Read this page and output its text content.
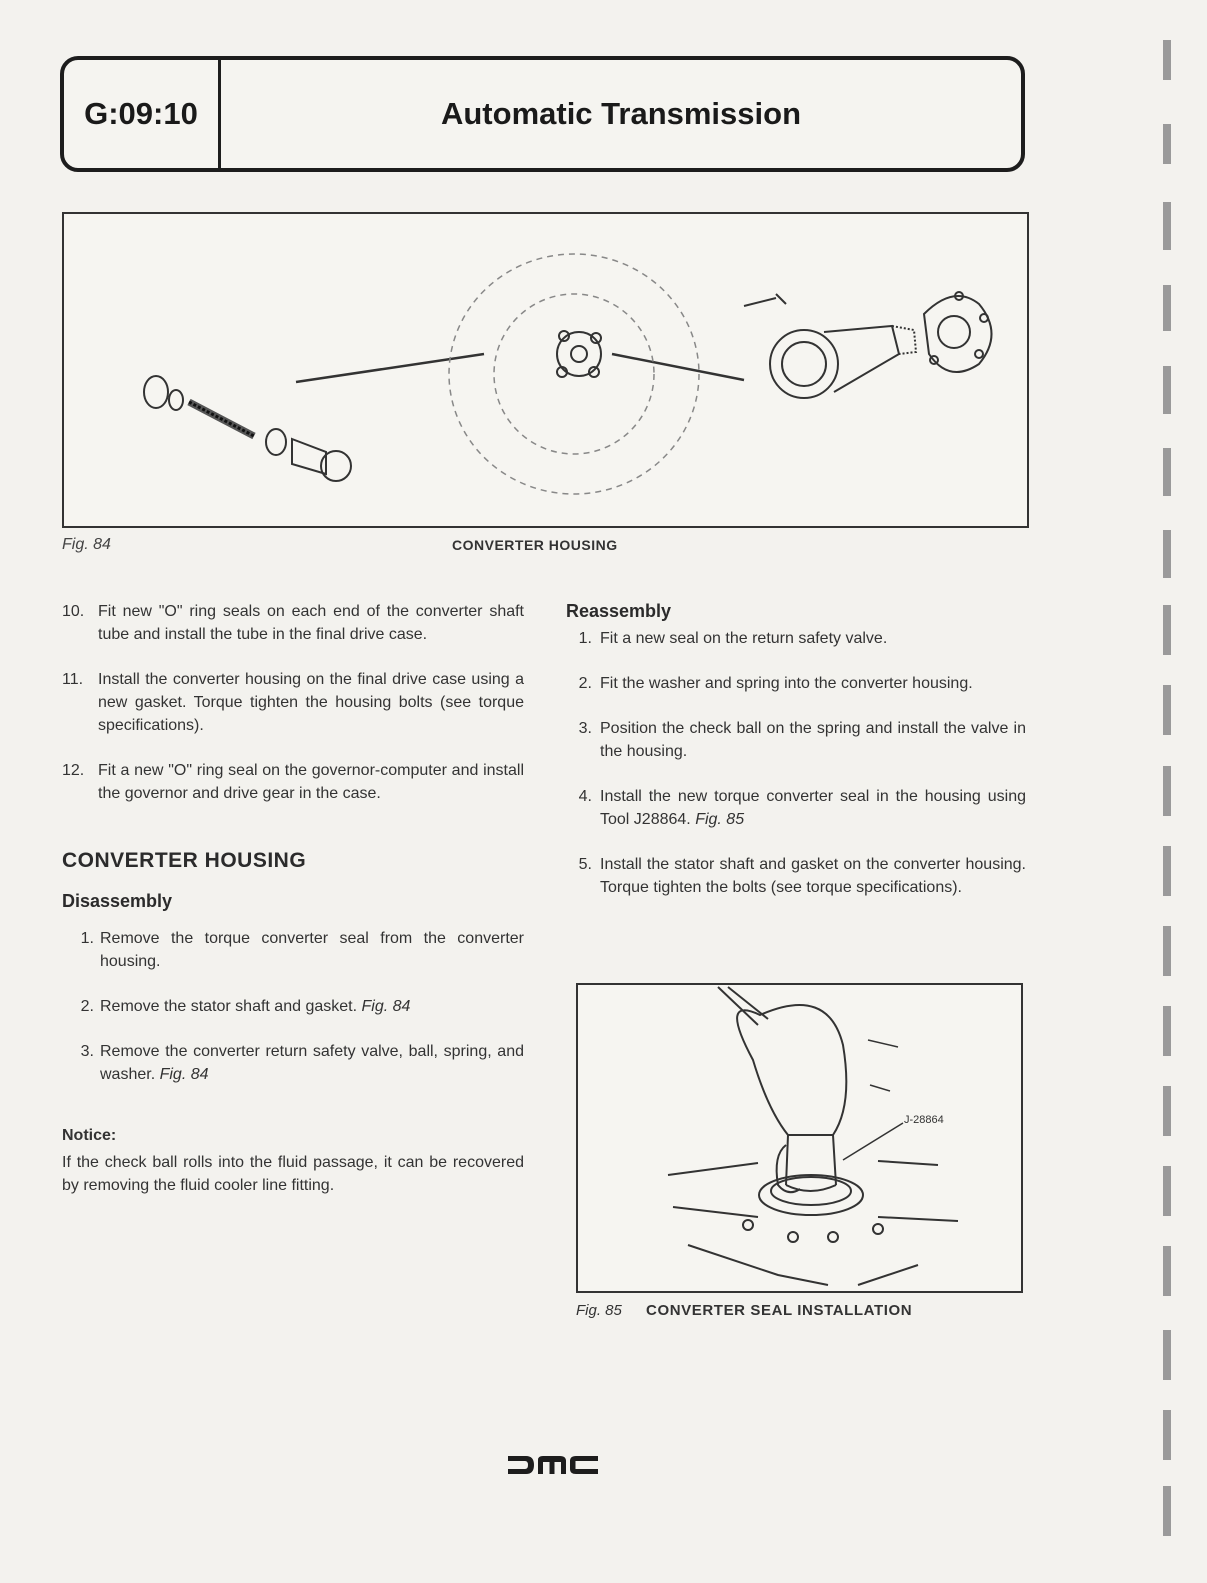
G:09:10	Automatic Transmission
Fig. 84	CONVERTER HOUSING
10. Fit new "O" ring seals on each end of the converter shaft tube and install the tube in the final drive case.
11. Install the converter housing on the final drive case using a new gasket. Torque tighten the housing bolts (see torque specifications).
12. Fit a new "O" ring seal on the governor-computer and install the governor and drive gear in the case.
CONVERTER HOUSING
Disassembly
1. Remove the torque converter seal from the converter housing.
2. Remove the stator shaft and gasket. Fig. 84
3. Remove the converter return safety valve, ball, spring, and washer. Fig. 84
Notice:
If the check ball rolls into the fluid passage, it can be recovered by removing the fluid cooler line fitting.
Reassembly
1. Fit a new seal on the return safety valve.
2. Fit the washer and spring into the converter housing.
3. Position the check ball on the spring and install the valve in the housing.
4. Install the new torque converter seal in the housing using Tool J28864. Fig. 85
5. Install the stator shaft and gasket on the converter housing. Torque tighten the bolts (see torque specifications).
J-28864
Fig. 85 CONVERTER SEAL INSTALLATION
